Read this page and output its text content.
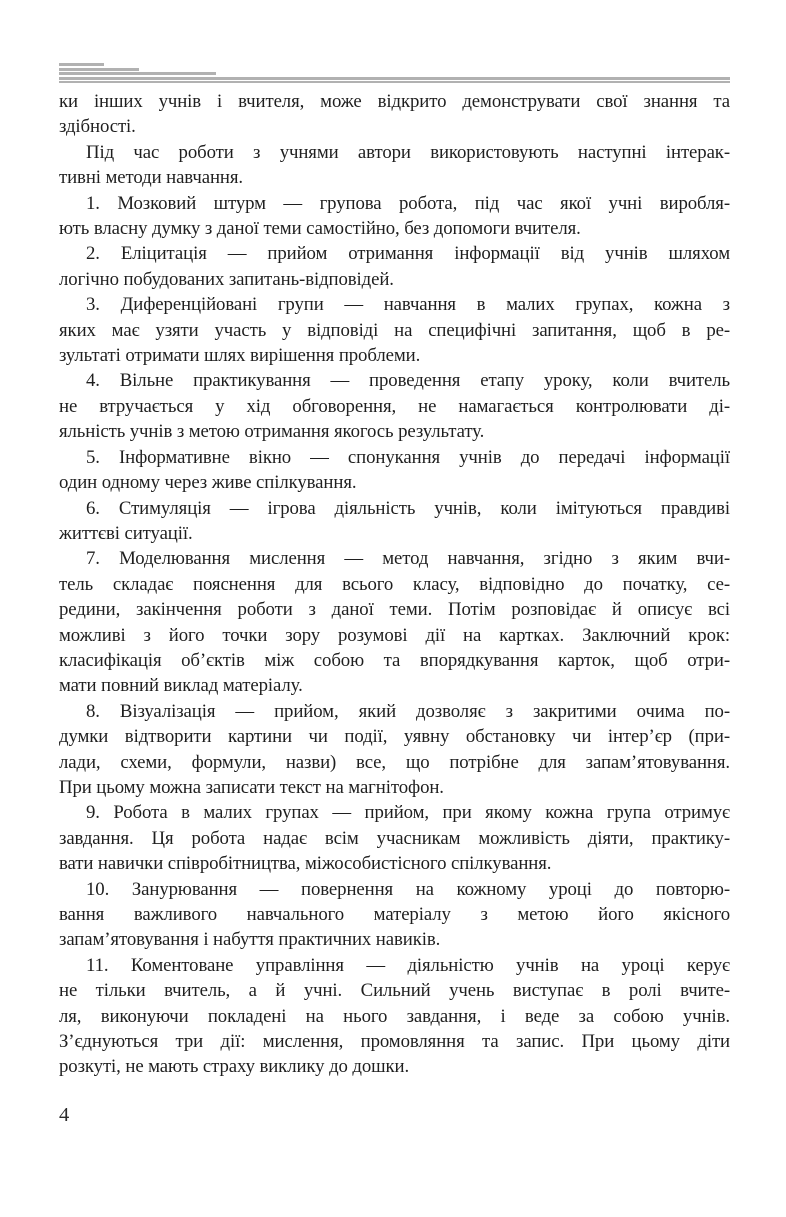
ки інших учнів і вчителя, може відкрито демонструвати свої знання та
здібності.
Під час роботи з учнями автори використовують наступні інтерак-
тивні методи навчання.
1. Мозковий штурм — групова робота, під час якої учні виробля-
ють власну думку з даної теми самостійно, без допомоги вчителя.
2. Еліцитація — прийом отримання інформації від учнів шляхом
логічно побудованих запитань-відповідей.
3. Диференційовані групи — навчання в малих групах, кожна з
яких має узяти участь у відповіді на специфічні запитання, щоб в ре-
зультаті отримати шлях вирішення проблеми.
4. Вільне практикування — проведення етапу уроку, коли вчитель
не втручається у хід обговорення, не намагається контролювати ді-
яльність учнів з метою отримання якогось результату.
5. Інформативне вікно — спонукання учнів до передачі інформації
один одному через живе спілкування.
6. Стимуляція — ігрова діяльність учнів, коли імітуються правдиві
життєві ситуації.
7. Моделювання мислення — метод навчання, згідно з яким вчи-
тель складає пояснення для всього класу, відповідно до початку, се-
редини, закінчення роботи з даної теми. Потім розповідає й описує всі
можливі з його точки зору розумові дії на картках. Заключний крок:
класифікація об’єктів між собою та впорядкування карток, щоб отри-
мати повний виклад матеріалу.
8. Візуалізація — прийом, який дозволяє з закритими очима по-
думки відтворити картини чи події, уявну обстановку чи інтер’єр (при-
лади, схеми, формули, назви) все, що потрібне для запам’ятовування.
При цьому можна записати текст на магнітофон.
9. Робота в малих групах — прийом, при якому кожна група отримує
завдання. Ця робота надає всім учасникам можливість діяти, практику-
вати навички співробітництва, міжособистісного спілкування.
10. Занурювання — повернення на кожному уроці до повторю-
вання важливого навчального матеріалу з метою його якісного
запам’ятовування і набуття практичних навиків.
11. Коментоване управління — діяльністю учнів на уроці керує
не тільки вчитель, а й учні. Сильний учень виступає в ролі вчите-
ля, виконуючи покладені на нього завдання, і веде за собою учнів.
З’єднуються три дії: мислення, промовляння та запис. При цьому діти
розкуті, не мають страху виклику до дошки.
4
